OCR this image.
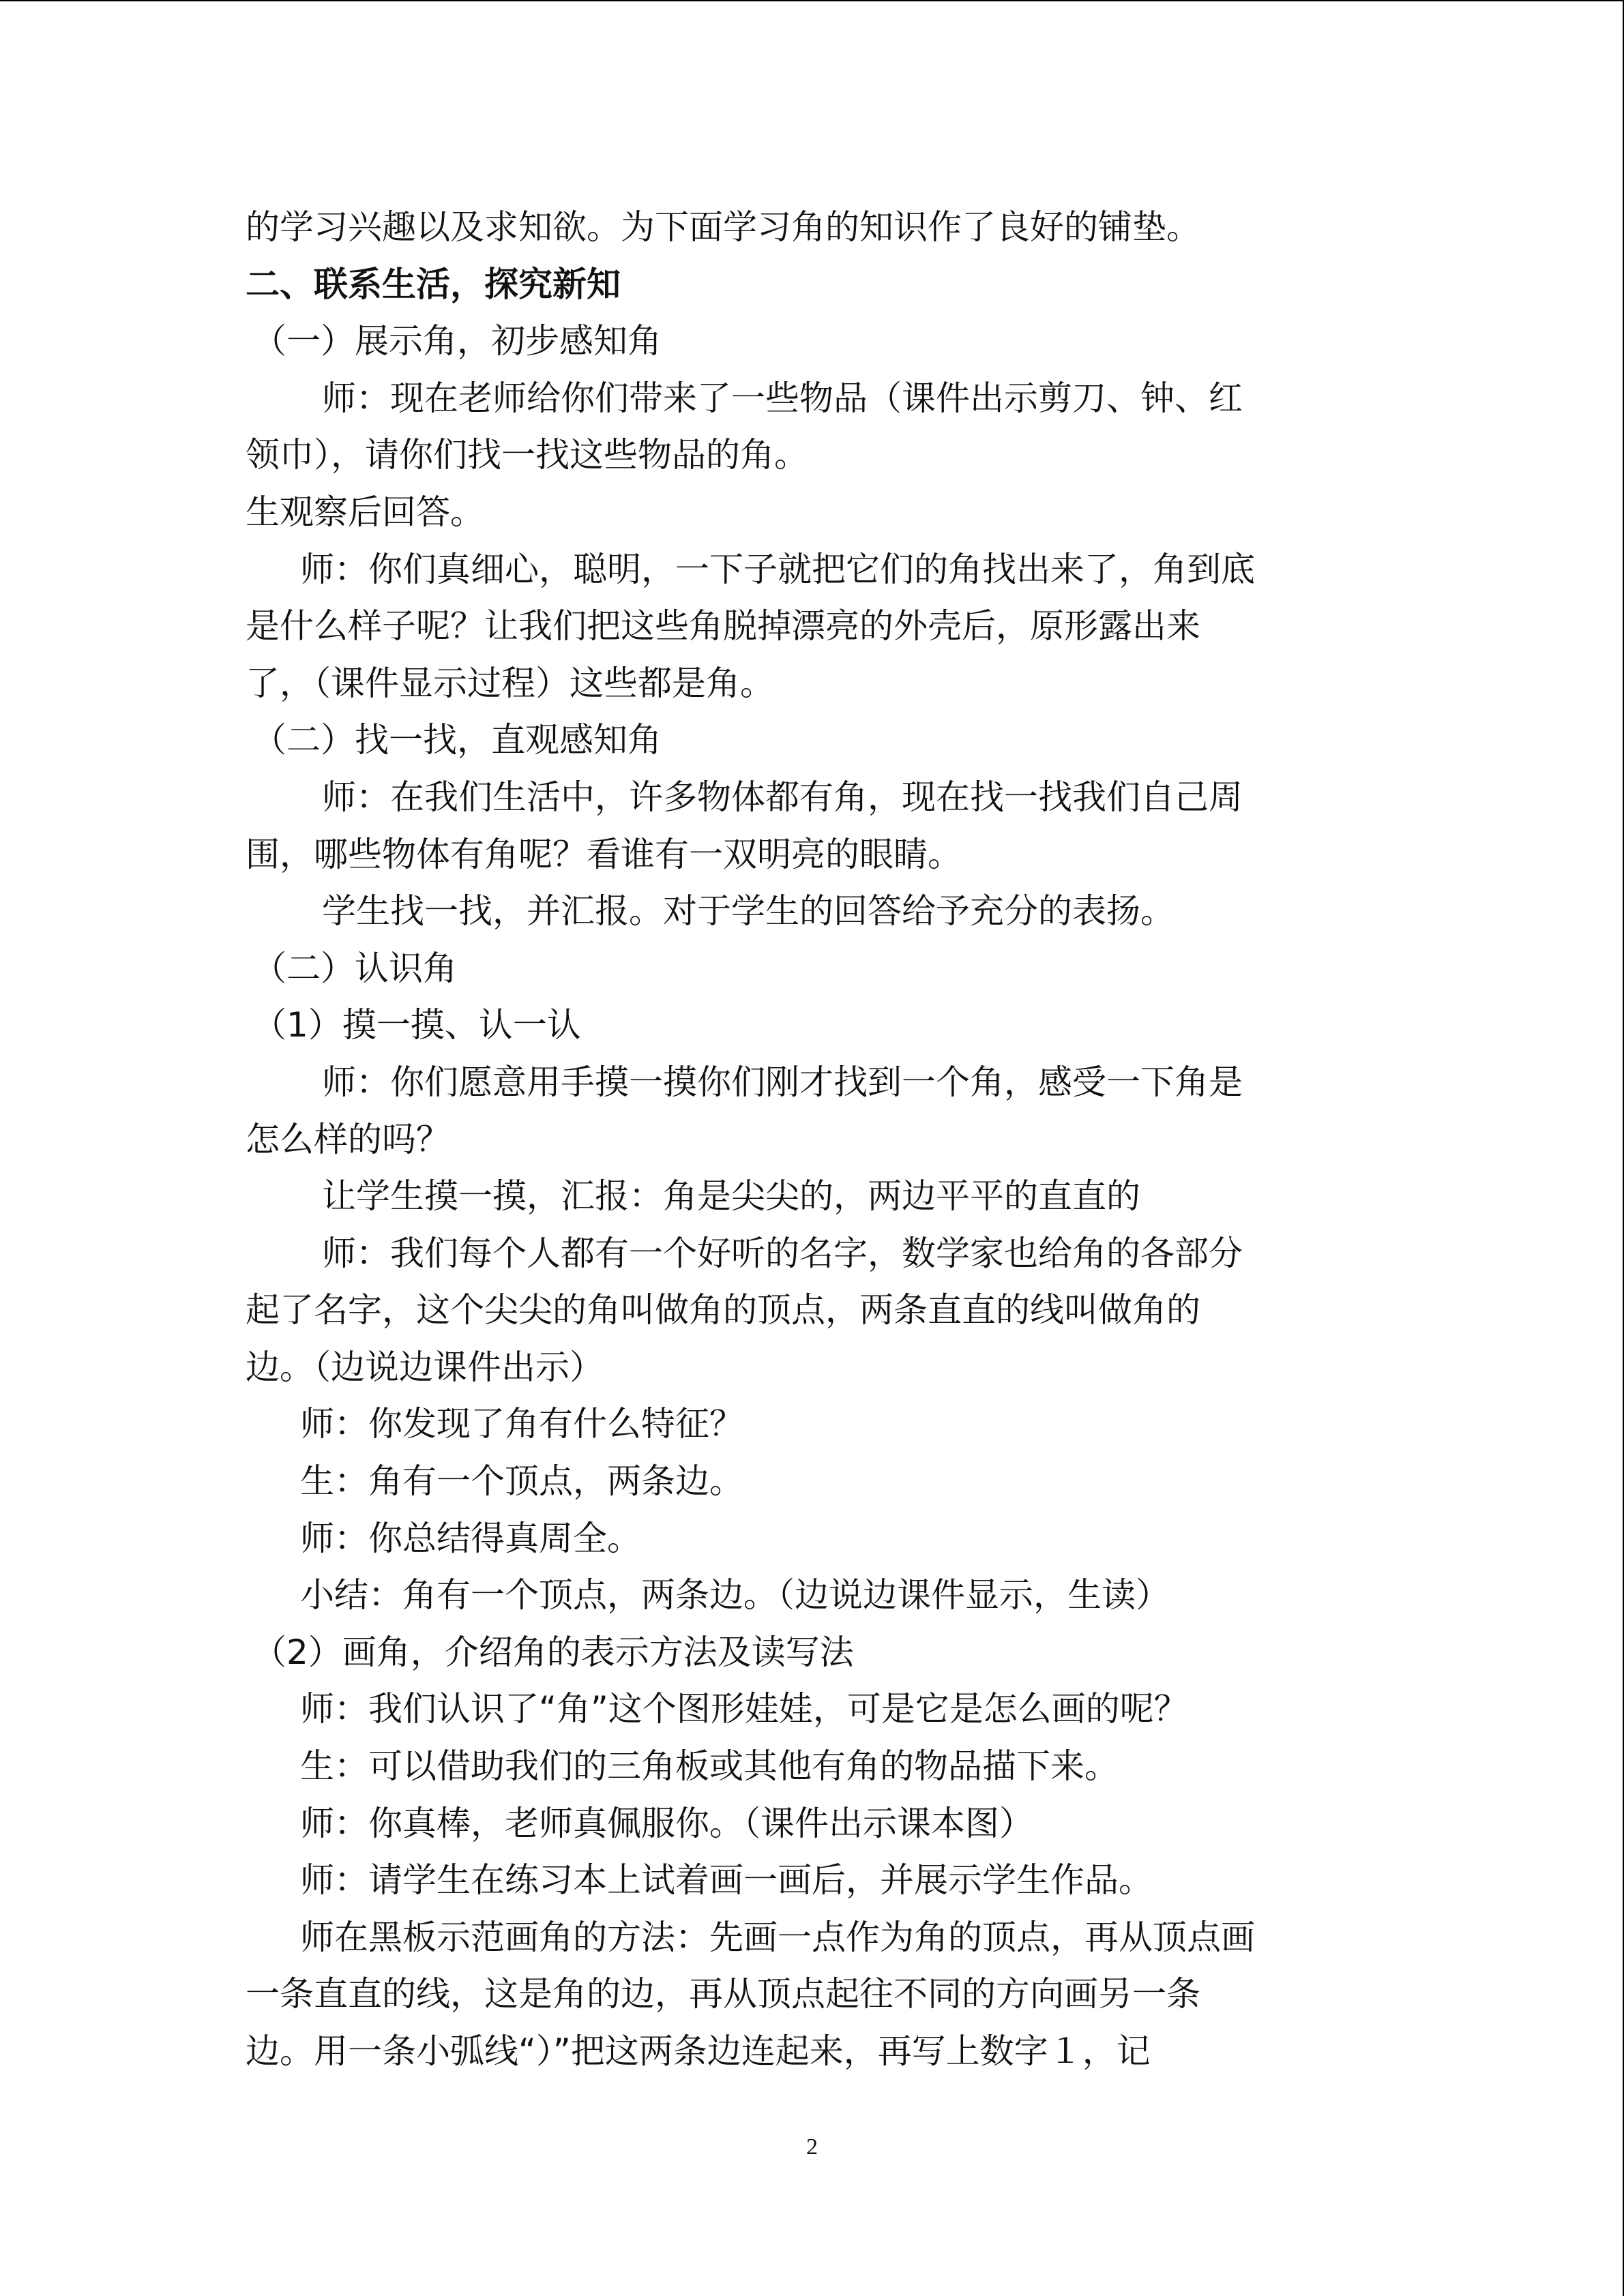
的学习兴趣以及求知欲。为下面学习角的知识作了良好的铺垫。
二、联系生活，探究新知
（一）展示角，初步感知角
师：现在老师给你们带来了一些物品（课件出示剪刀、钟、红
领巾），请你们找一找这些物品的角。
生观察后回答。
师：你们真细心，聪明，一下子就把它们的角找出来了，角到底
是什么样子呢？让我们把这些角脱掉漂亮的外壳后，原形露出来
了，（课件显示过程）这些都是角。
（二）找一找，直观感知角
师：在我们生活中，许多物体都有角，现在找一找我们自己周
围，哪些物体有角呢？看谁有一双明亮的眼睛。
学生找一找，并汇报。对于学生的回答给予充分的表扬。
（二）认识角
（1）摸一摸、认一认
师：你们愿意用手摸一摸你们刚才找到一个角，感受一下角是
怎么样的吗？
让学生摸一摸，汇报：角是尖尖的，两边平平的直直的
师：我们每个人都有一个好听的名字，数学家也给角的各部分
起了名字，这个尖尖的角叫做角的顶点，两条直直的线叫做角的
边。（边说边课件出示）
师：你发现了角有什么特征？
生：角有一个顶点，两条边。
师：你总结得真周全。
小结：角有一个顶点，两条边。（边说边课件显示，生读）
（2）画角，介绍角的表示方法及读写法
师：我们认识了“角”这个图形娃娃，可是它是怎么画的呢？
生：可以借助我们的三角板或其他有角的物品描下来。
师：你真棒，老师真佩服你。（课件出示课本图）
师：请学生在练习本上试着画一画后，并展示学生作品。
师在黑板示范画角的方法：先画一点作为角的顶点，再从顶点画
一条直直的线，这是角的边，再从顶点起往不同的方向画另一条
边。用一条小弧线“）”把这两条边连起来，再写上数字１，记
2
